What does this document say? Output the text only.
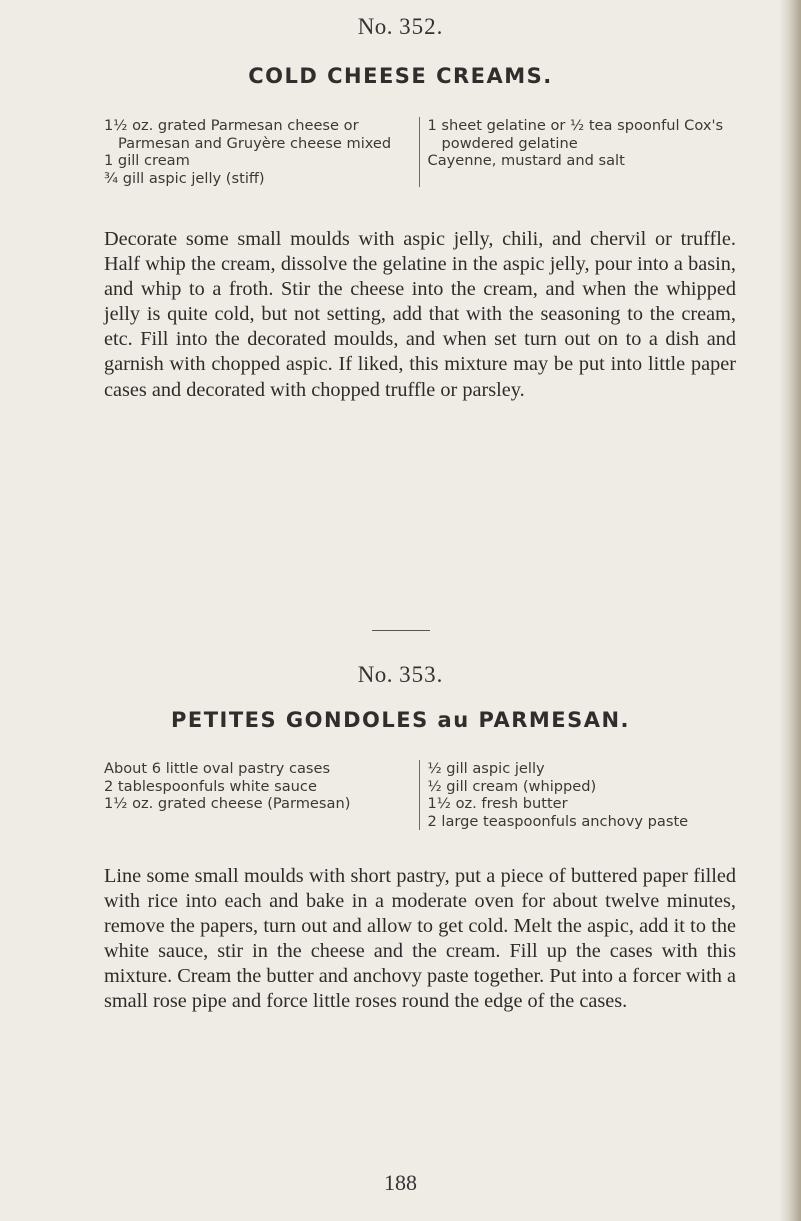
No. 352.
COLD CHEESE CREAMS.
1½ oz. grated Parmesan cheese or Parmesan and Gruyère cheese mixed
1 gill cream
¾ gill aspic jelly (stiff)
1 sheet gelatine or ½ tea spoonful Cox's powdered gelatine
Cayenne, mustard and salt
Decorate some small moulds with aspic jelly, chili, and chervil or truffle. Half whip the cream, dissolve the gelatine in the aspic jelly, pour into a basin, and whip to a froth. Stir the cheese into the cream, and when the whipped jelly is quite cold, but not setting, add that with the seasoning to the cream, etc. Fill into the decorated moulds, and when set turn out on to a dish and garnish with chopped aspic. If liked, this mixture may be put into little paper cases and decorated with chopped truffle or parsley.
No. 353.
PETITES GONDOLES au PARMESAN.
About 6 little oval pastry cases
2 tablespoonfuls white sauce
1½ oz. grated cheese (Parmesan)
½ gill aspic jelly
½ gill cream (whipped)
1½ oz. fresh butter
2 large teaspoonfuls anchovy paste
Line some small moulds with short pastry, put a piece of buttered paper filled with rice into each and bake in a moderate oven for about twelve minutes, remove the papers, turn out and allow to get cold. Melt the aspic, add it to the white sauce, stir in the cheese and the cream. Fill up the cases with this mixture. Cream the butter and anchovy paste together. Put into a forcer with a small rose pipe and force little roses round the edge of the cases.
188
